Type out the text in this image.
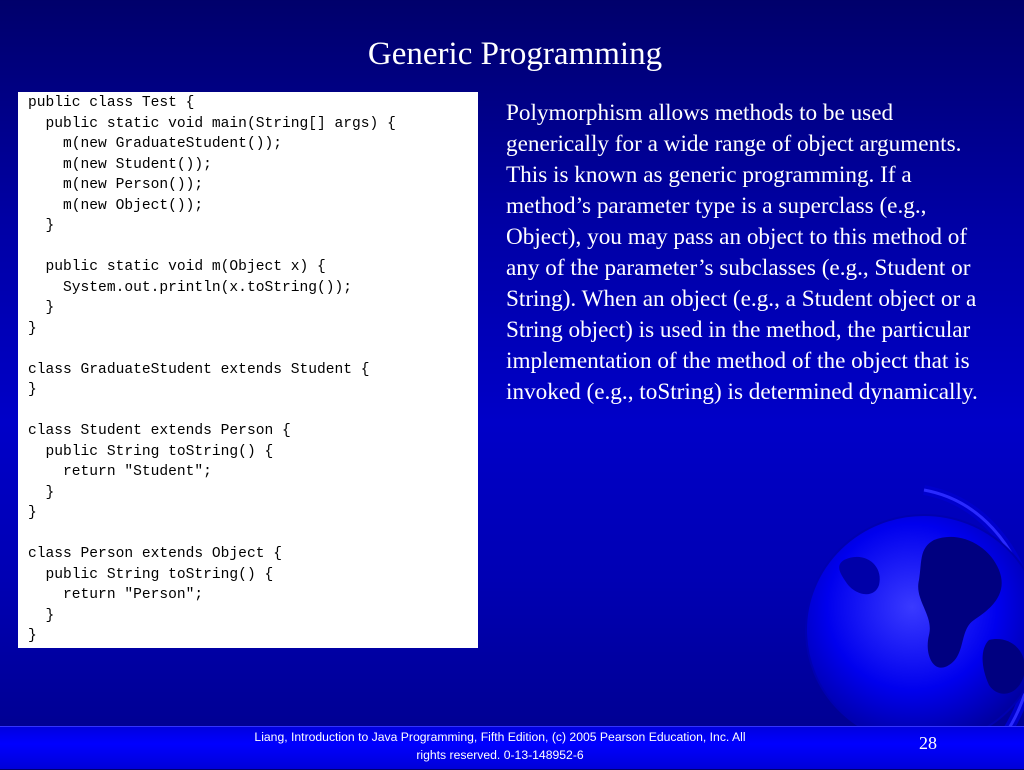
Generic Programming
public class Test {
public static void main(String[] args) {
m(new GraduateStudent());
m(new Student());
m(new Person());
m(new Object());
}

public static void m(Object x) {
System.out.println(x.toString());
}
}

class GraduateStudent extends Student {
}

class Student extends Person {
public String toString() {
return "Student";
}
}

class Person extends Object {
public String toString() {
return "Person";
}
}
Polymorphism allows methods to be used generically for a wide range of object arguments. This is known as generic programming. If a method’s parameter type is a superclass (e.g., Object), you may pass an object to this method of any of the parameter’s subclasses (e.g., Student or String). When an object (e.g., a Student object or a String object) is used in the method, the particular implementation of the method of the object that is invoked (e.g., toString) is determined dynamically.
Liang, Introduction to Java Programming, Fifth Edition, (c) 2005 Pearson Education, Inc. All
rights reserved. 0-13-148952-6
28
